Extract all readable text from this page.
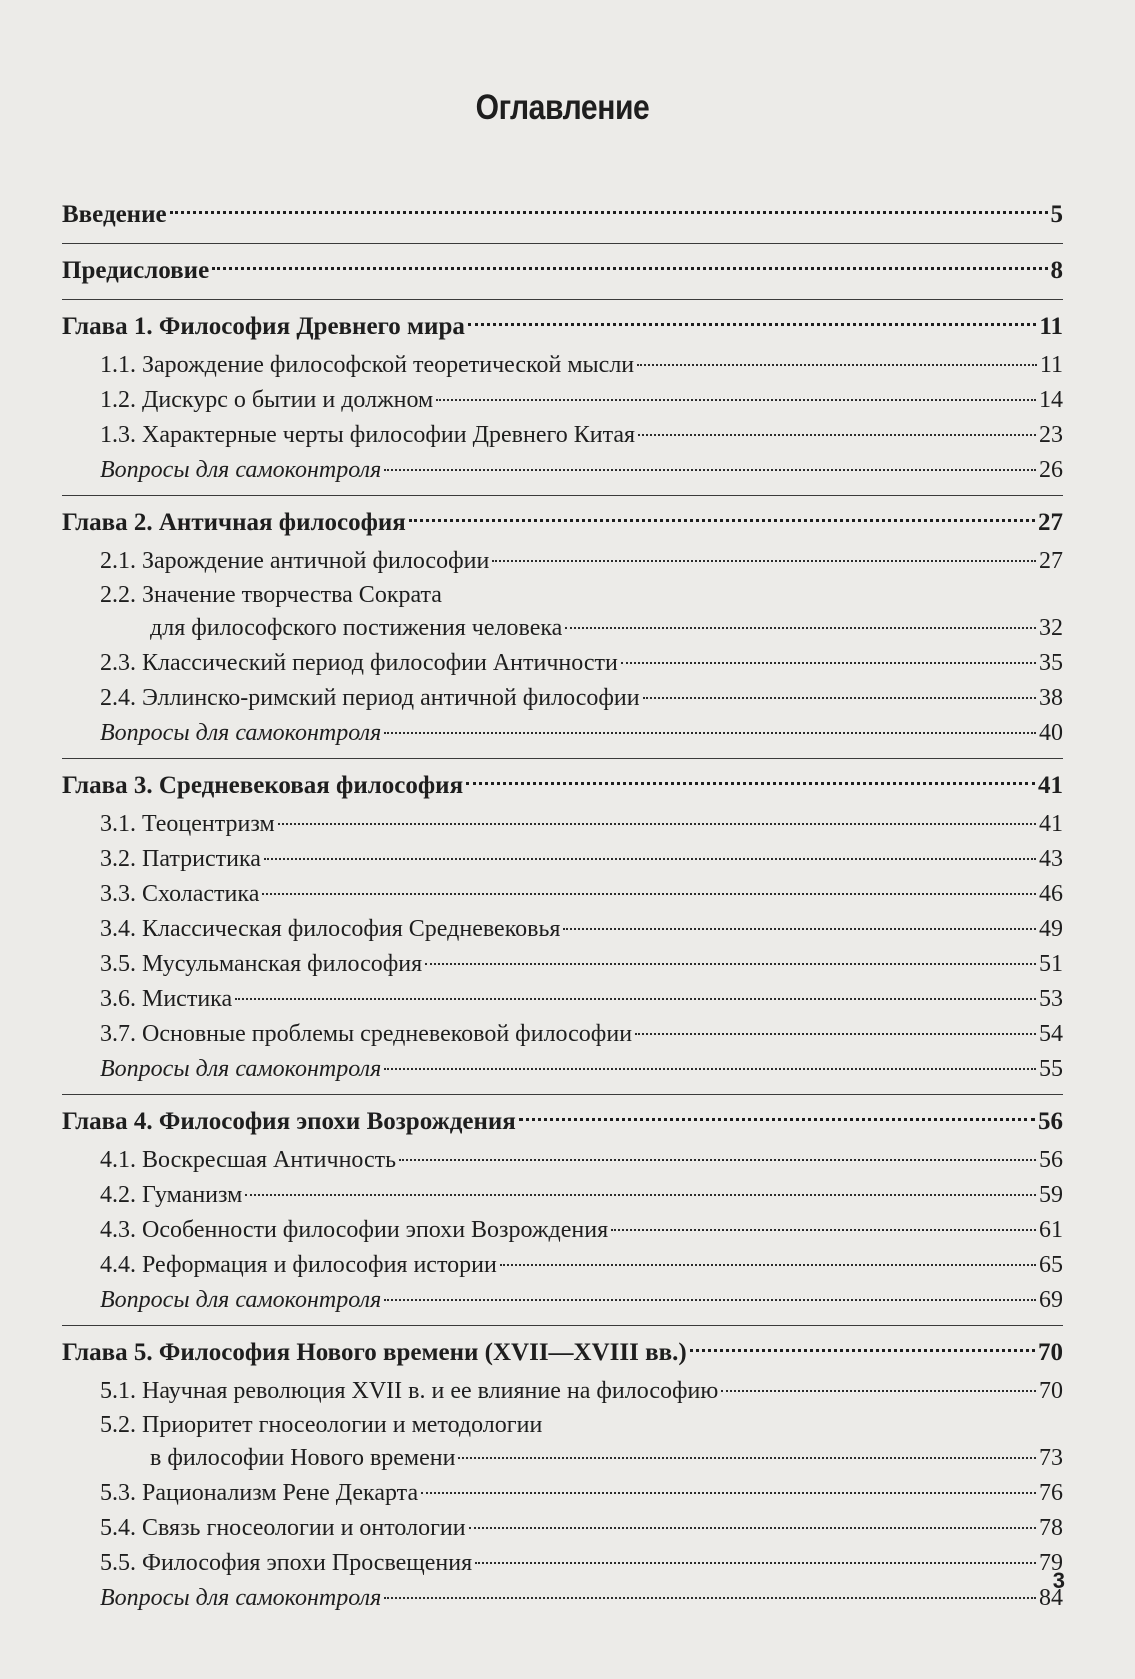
Оглавление
Введение	5
Предисловие	8
Глава 1. Философия Древнего мира	11
1.1. Зарождение философской теоретической мысли	11
1.2. Дискурс о бытии и должном	14
1.3. Характерные черты философии Древнего Китая	23
Вопросы для самоконтроля	26
Глава 2. Античная философия	27
2.1. Зарождение античной философии	27
2.2. Значение творчества Сократа
для философского постижения человека	32
2.3. Классический период философии Античности	35
2.4. Эллинско-римский период античной философии	38
Вопросы для самоконтроля	40
Глава 3. Средневековая философия	41
3.1. Теоцентризм	41
3.2. Патристика	43
3.3. Схоластика	46
3.4. Классическая философия Средневековья	49
3.5. Мусульманская философия	51
3.6. Мистика	53
3.7. Основные проблемы средневековой философии	54
Вопросы для самоконтроля	55
Глава 4. Философия эпохи Возрождения	56
4.1. Воскресшая Античность	56
4.2. Гуманизм	59
4.3. Особенности философии эпохи Возрождения	61
4.4. Реформация и философия истории	65
Вопросы для самоконтроля	69
Глава 5. Философия Нового времени (XVII—XVIII вв.)	70
5.1. Научная революция XVII в. и ее влияние на философию	70
5.2. Приоритет гносеологии и методологии
в философии Нового времени	73
5.3. Рационализм Рене Декарта	76
5.4. Связь гносеологии и онтологии	78
5.5. Философия эпохи Просвещения	79
Вопросы для самоконтроля	84
3
